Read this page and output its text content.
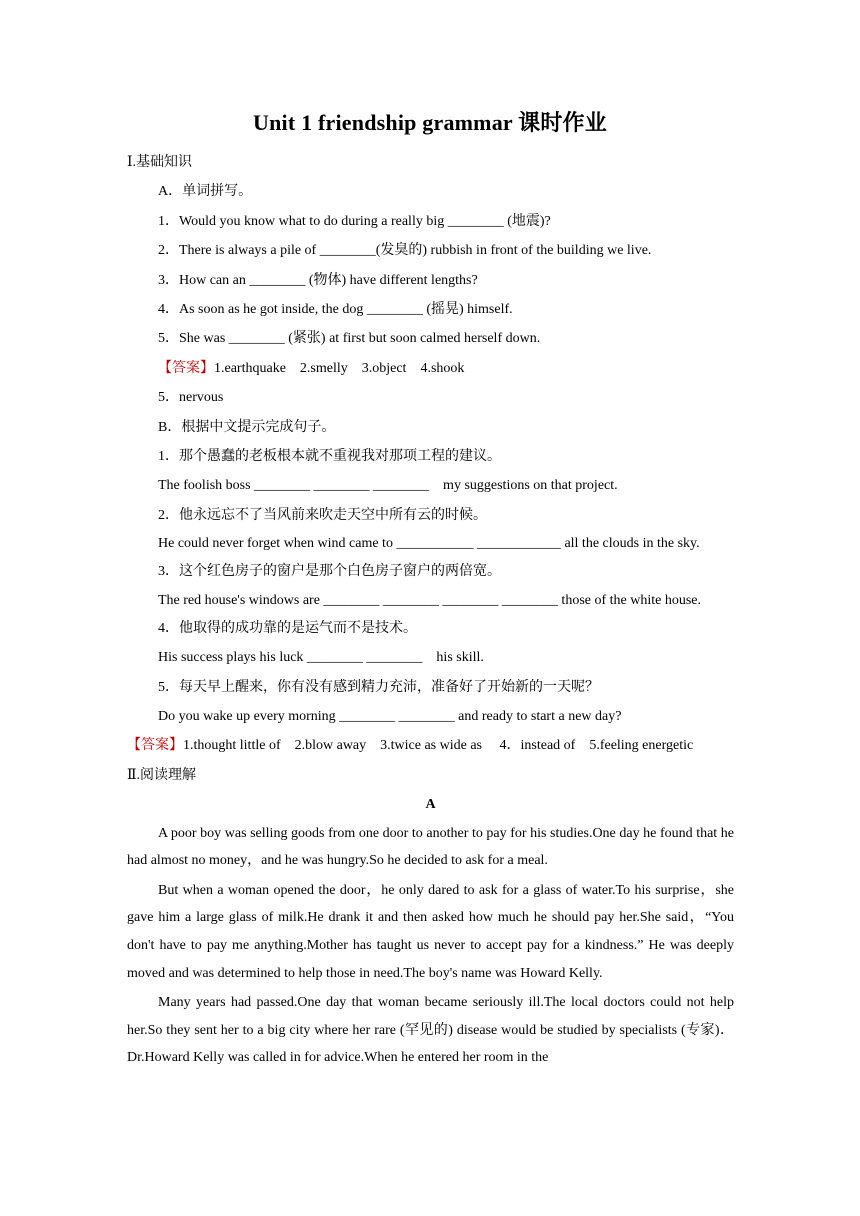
Unit 1 friendship grammar 课时作业
Ⅰ.基础知识
A．单词拼写。
1．Would you know what to do during a really big ________ (地震)?
2．There is always a pile of ________(发臭的) rubbish in front of the building we live.
3．How can an ________ (物体) have different lengths?
4．As soon as he got inside, the dog ________ (摇晃) himself.
5．She was ________ (紧张) at first but soon calmed herself down.
【答案】1.earthquake　2.smelly　3.object　4.shook
5．nervous
B．根据中文提示完成句子。
1．那个愚蠢的老板根本就不重视我对那项工程的建议。
The foolish boss ________ ________ ________　my suggestions on that project.
2．他永远忘不了当风前来吹走天空中所有云的时候。
He could never forget when wind came to ___________ ____________ all the clouds in the sky.
3．这个红色房子的窗户是那个白色房子窗户的两倍宽。
The red house's windows are ________ ________ ________ ________ those of the white house.
4．他取得的成功靠的是运气而不是技术。
His success plays his luck ________ ________　his skill.
5．每天早上醒来，你有没有感到精力充沛，准备好了开始新的一天呢？
Do you wake up every morning ________ ________ and ready to start a new day?
【答案】1.thought little of　2.blow away　3.twice as wide as　 4．instead of　5.feeling energetic
Ⅱ.阅读理解
A
A poor boy was selling goods from one door to another to pay for his studies.One day he found that he had almost no money，and he was hungry.So he decided to ask for a meal.
But when a woman opened the door，he only dared to ask for a glass of water.To his surprise，she gave him a large glass of milk.He drank it and then asked how much he should pay her.She said，“You don't have to pay me anything.Mother has taught us never to accept pay for a kindness.” He was deeply moved and was determined to help those in need.The boy's name was Howard Kelly.
Many years had passed.One day that woman became seriously ill.The local doctors could not help her.So they sent her to a big city where her rare (罕见的) disease would be studied by specialists (专家)． Dr.Howard Kelly was called in for advice.When he entered her room in the
